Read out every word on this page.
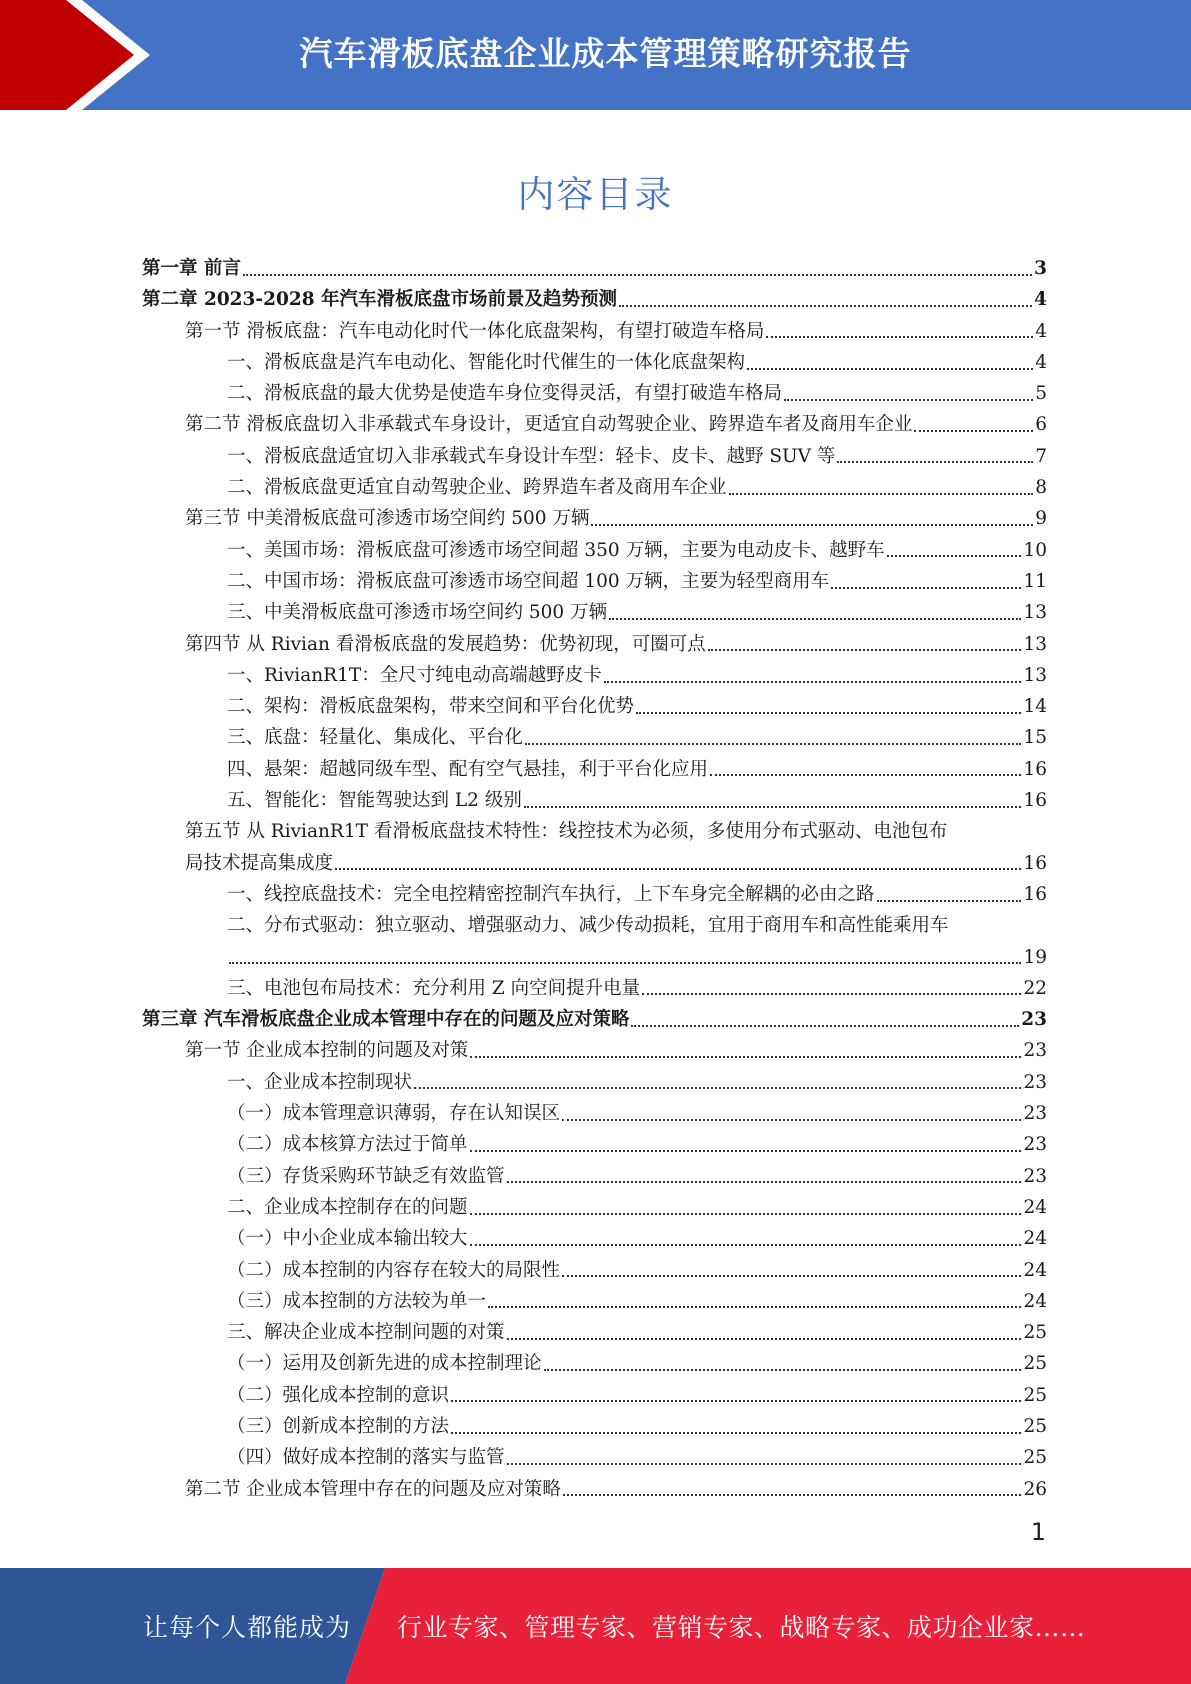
汽车滑板底盘企业成本管理策略研究报告
内容目录
第一章 前言	3
第二章 2023-2028 年汽车滑板底盘市场前景及趋势预测	4
第一节 滑板底盘：汽车电动化时代一体化底盘架构，有望打破造车格局	4
一、滑板底盘是汽车电动化、智能化时代催生的一体化底盘架构	4
二、滑板底盘的最大优势是使造车身位变得灵活，有望打破造车格局	5
第二节 滑板底盘切入非承载式车身设计，更适宜自动驾驶企业、跨界造车者及商用车企业	6
一、滑板底盘适宜切入非承载式车身设计车型：轻卡、皮卡、越野 SUV 等	7
二、滑板底盘更适宜自动驾驶企业、跨界造车者及商用车企业	8
第三节 中美滑板底盘可渗透市场空间约 500 万辆	9
一、美国市场：滑板底盘可渗透市场空间超 350 万辆，主要为电动皮卡、越野车	10
二、中国市场：滑板底盘可渗透市场空间超 100 万辆，主要为轻型商用车	11
三、中美滑板底盘可渗透市场空间约 500 万辆	13
第四节 从 Rivian 看滑板底盘的发展趋势：优势初现，可圈可点	13
一、RivianR1T：全尺寸纯电动高端越野皮卡	13
二、架构：滑板底盘架构，带来空间和平台化优势	14
三、底盘：轻量化、集成化、平台化	15
四、悬架：超越同级车型、配有空气悬挂，利于平台化应用	16
五、智能化：智能驾驶达到 L2 级别	16
第五节 从 RivianR1T 看滑板底盘技术特性：线控技术为必须，多使用分布式驱动、电池包布
局技术提高集成度	16
一、线控底盘技术：完全电控精密控制汽车执行，上下车身完全解耦的必由之路	16
二、分布式驱动：独立驱动、增强驱动力、减少传动损耗，宜用于商用车和高性能乘用车
19
三、电池包布局技术：充分利用 Z 向空间提升电量	22
第三章 汽车滑板底盘企业成本管理中存在的问题及应对策略	23
第一节 企业成本控制的问题及对策	23
一、企业成本控制现状	23
（一）成本管理意识薄弱，存在认知误区	23
（二）成本核算方法过于简单	23
（三）存货采购环节缺乏有效监管	23
二、企业成本控制存在的问题	24
（一）中小企业成本输出较大	24
（二）成本控制的内容存在较大的局限性	24
（三）成本控制的方法较为单一	24
三、解决企业成本控制问题的对策	25
（一）运用及创新先进的成本控制理论	25
（二）强化成本控制的意识	25
（三）创新成本控制的方法	25
（四）做好成本控制的落实与监管	25
第二节 企业成本管理中存在的问题及应对策略	26
1
让每个人都能成为 行业专家、管理专家、营销专家、战略专家、成功企业家……
